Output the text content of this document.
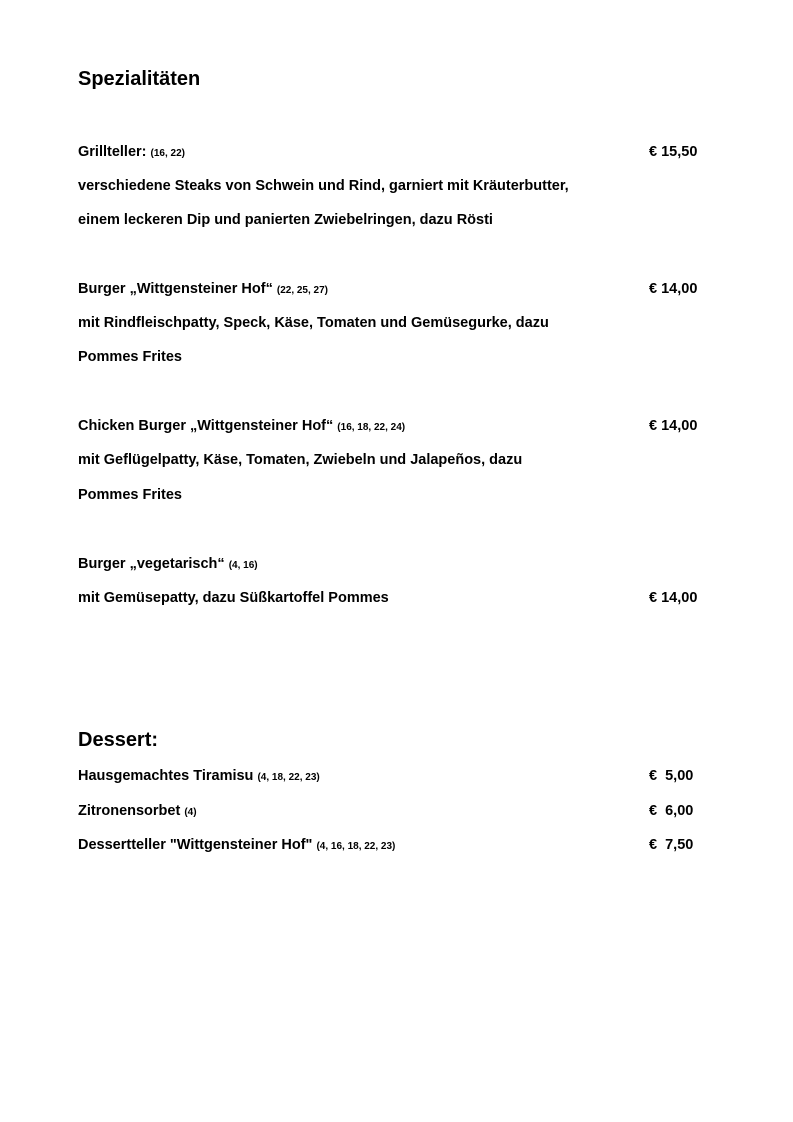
Spezialitäten
Grillteller: (16, 22)	€ 15,50
verschiedene Steaks von Schwein und Rind, garniert mit Kräuterbutter,
einem leckeren Dip und panierten Zwiebelringen, dazu Rösti
Burger „Wittgensteiner Hof“ (22, 25, 27)	€ 14,00
mit Rindfleischpatty, Speck, Käse, Tomaten und Gemüsegurke, dazu
Pommes Frites
Chicken Burger „Wittgensteiner Hof“ (16, 18, 22, 24)	€ 14,00
mit Geflügelpatty, Käse, Tomaten, Zwiebeln und Jalapeños, dazu
Pommes Frites
Burger „vegetarisch“ (4, 16)
mit Gemüsepatty, dazu Süßkartoffel Pommes	€ 14,00
Dessert:
Hausgemachtes Tiramisu (4, 18, 22, 23)	€  5,00
Zitronensorbet (4)	€  6,00
Dessertteller "Wittgensteiner Hof" (4, 16, 18, 22, 23)	€  7,50
